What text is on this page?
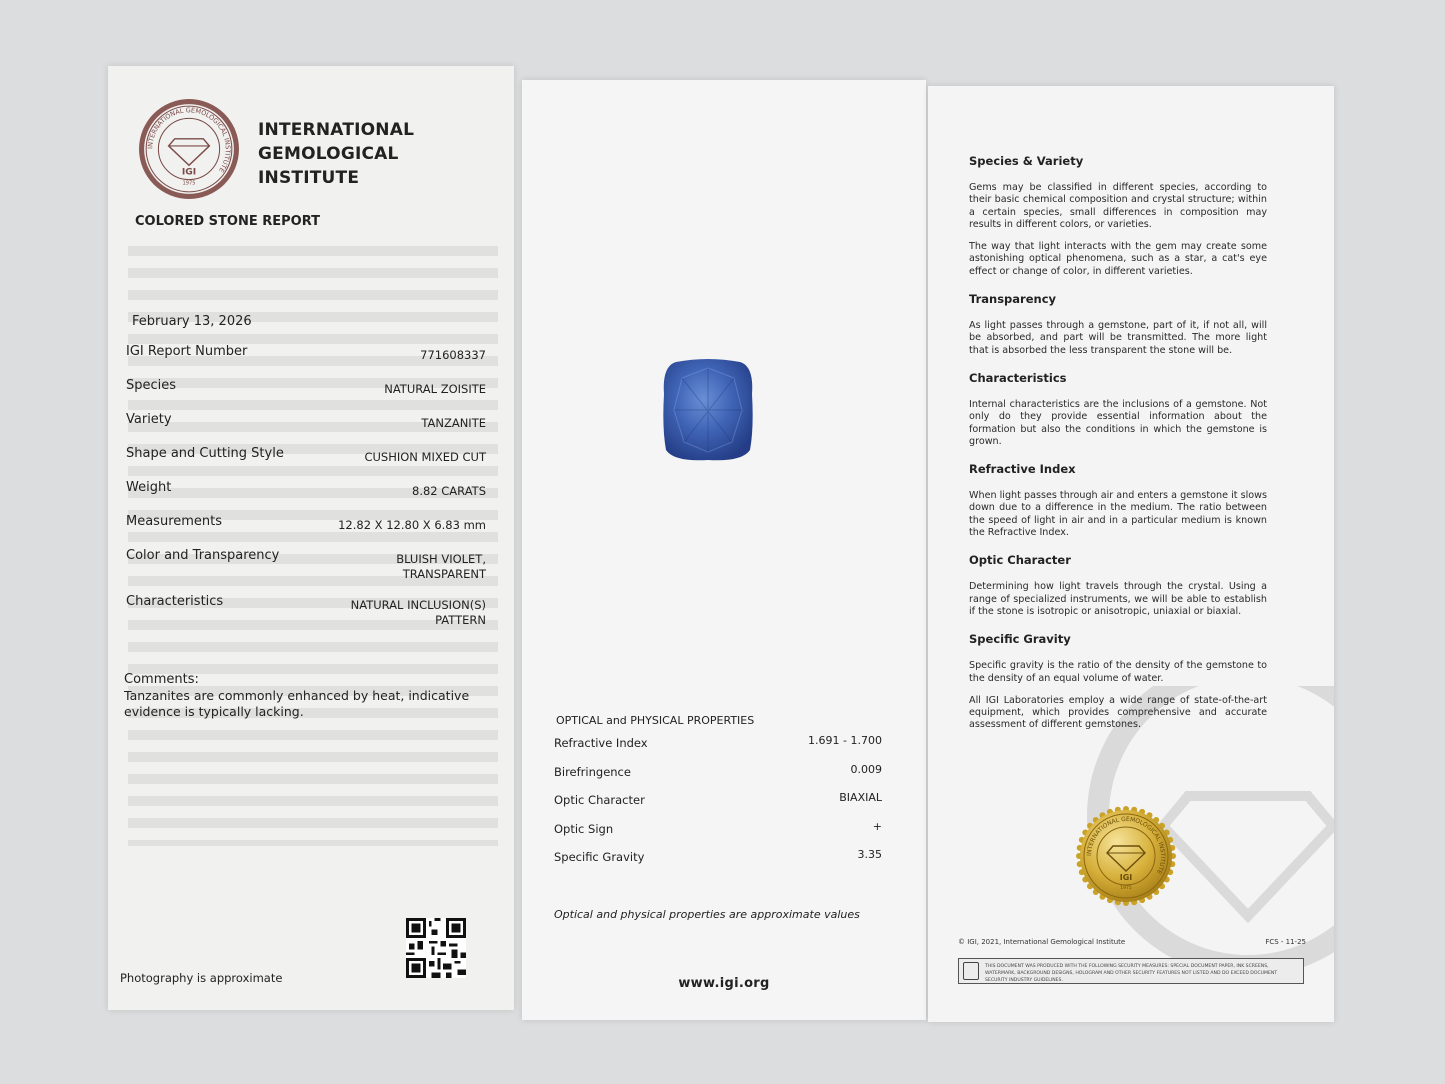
INTERNATIONAL GEMOLOGICAL INSTITUTE
IGI
1975
INTERNATIONAL
GEMOLOGICAL
INSTITUTE
COLORED STONE REPORT
February 13, 2026
IGI Report Number	771608337
Species	NATURAL ZOISITE
Variety	TANZANITE
Shape and Cutting Style	CUSHION MIXED CUT
Weight	8.82 CARATS
Measurements	12.82 X 12.80 X 6.83 mm
Color and Transparency	BLUISH VIOLET,
TRANSPARENT
Characteristics	NATURAL INCLUSION(S)
PATTERN
Comments:
Tanzanites are commonly enhanced by heat, indicative evidence is typically lacking.
Photography is approximate
OPTICAL and PHYSICAL PROPERTIES
Refractive Index	1.691 - 1.700
Birefringence	0.009
Optic Character	BIAXIAL
Optic Sign	+
Specific Gravity	3.35
Optical and physical properties are approximate values
www.igi.org
Species & Variety

Gems may be classified in different species, according to their basic chemical composition and crystal structure; within a certain species, small differences in composition may results in different colors, or varieties.

The way that light interacts with the gem may create some astonishing optical phenomena, such as a star, a cat's eye effect or change of color, in different varieties.

Transparency

As light passes through a gemstone, part of it, if not all, will be absorbed, and part will be transmitted. The more light that is absorbed the less transparent the stone will be.

Characteristics

Internal characteristics are the inclusions of a gemstone. Not only do they provide essential information about the formation but also the conditions in which the gemstone is grown.

Refractive Index

When light passes through air and enters a gemstone it slows down due to a difference in the medium. The ratio between the speed of light in air and in a particular medium is known the Refractive Index.

Optic Character

Determining how light travels through the crystal. Using a range of specialized instruments, we will be able to establish if the stone is isotropic or anisotropic, uniaxial or biaxial.

Specific Gravity

Specific gravity is the ratio of the density of the gemstone to the density of an equal volume of water.

All IGI Laboratories employ a wide range of state-of-the-art equipment, which provides comprehensive and accurate assessment of different gemstones.

INTERNATIONAL GEMOLOGICAL INSTITUTE
IGI
1975
© IGI, 2021, International Gemological Institute	FCS - 11-25
THIS DOCUMENT WAS PRODUCED WITH THE FOLLOWING SECURITY MEASURES: SPECIAL DOCUMENT PAPER, INK SCREENS, WATERMARK, BACKGROUND DESIGNS, HOLOGRAM AND OTHER SECURITY FEATURES NOT LISTED AND DO EXCEED DOCUMENT SECURITY INDUSTRY GUIDELINES.
